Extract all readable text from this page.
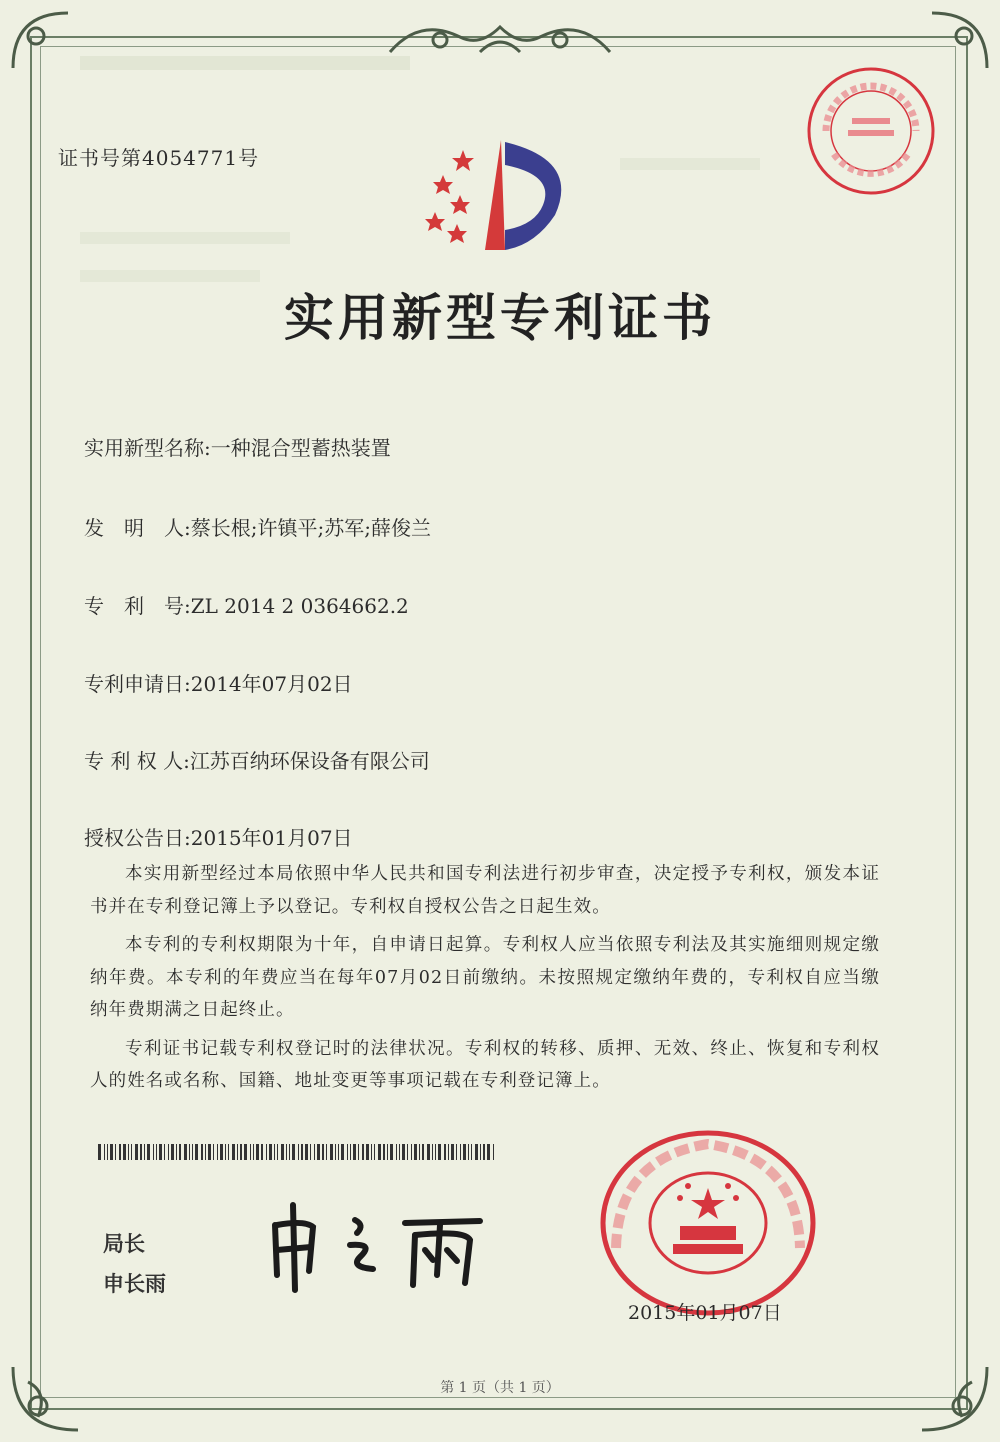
证书号第4054771号
实用新型专利证书
实用新型名称:一种混合型蓄热装置
发　明　人:蔡长根;许镇平;苏军;薛俊兰
专　利　号:ZL 2014 2 0364662.2
专利申请日:2014年07月02日
专 利 权 人:江苏百纳环保设备有限公司
授权公告日:2015年01月07日

本实用新型经过本局依照中华人民共和国专利法进行初步审查，决定授予专利权，颁发本证书并在专利登记簿上予以登记。专利权自授权公告之日起生效。

本专利的专利权期限为十年，自申请日起算。专利权人应当依照专利法及其实施细则规定缴纳年费。本专利的年费应当在每年07月02日前缴纳。未按照规定缴纳年费的，专利权自应当缴纳年费期满之日起终止。

专利证书记载专利权登记时的法律状况。专利权的转移、质押、无效、终止、恢复和专利权人的姓名或名称、国籍、地址变更等事项记载在专利登记簿上。

局长
申长雨
2015年01月07日
第 1 页（共 1 页）
